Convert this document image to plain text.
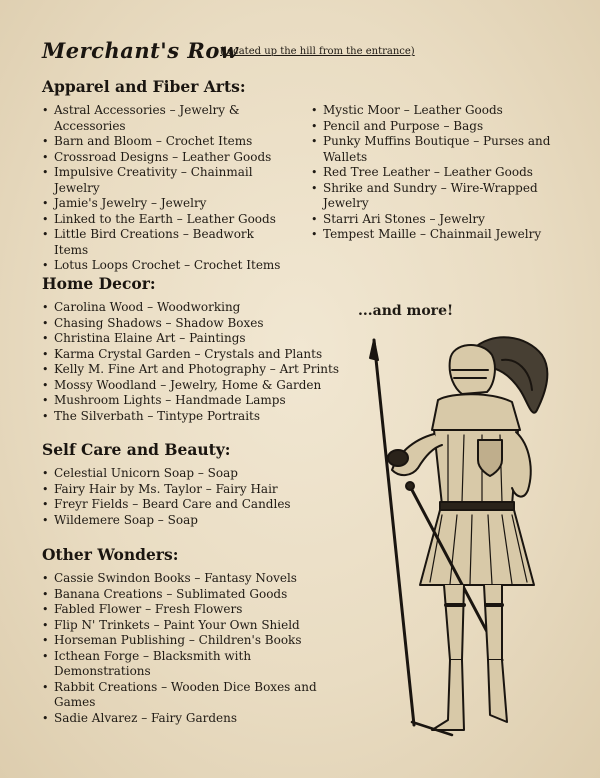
Merchant's Row
(located up the hill from the entrance)
Apparel and Fiber Arts:
• Astral Accessories – Jewelry & Accessories
• Barn and Bloom – Crochet Items
• Crossroad Designs – Leather Goods
• Impulsive Creativity – Chainmail Jewelry
• Jamie's Jewelry – Jewelry
• Linked to the Earth – Leather Goods
• Little Bird Creations – Beadwork Items
• Lotus Loops Crochet – Crochet Items
• Mystic Moor – Leather Goods
• Pencil and Purpose – Bags
• Punky Muffins Boutique – Purses and Wallets
• Red Tree Leather – Leather Goods
• Shrike and Sundry – Wire-Wrapped Jewelry
• Starri Ari Stones – Jewelry
• Tempest Maille – Chainmail Jewelry
Home Decor:
• Carolina Wood – Woodworking
• Chasing Shadows – Shadow Boxes
• Christina Elaine Art – Paintings
• Karma Crystal Garden – Crystals and Plants
• Kelly M. Fine Art and Photography – Art Prints
• Mossy Woodland – Jewelry, Home & Garden
• Mushroom Lights – Handmade Lamps
• The Silverbath – Tintype Portraits
Self Care and Beauty:
• Celestial Unicorn Soap – Soap
• Fairy Hair by Ms. Taylor – Fairy Hair
• Freyr Fields – Beard Care and Candles
• Wildemere Soap – Soap
Other Wonders:
• Cassie Swindon Books – Fantasy Novels
• Banana Creations – Sublimated Goods
• Fabled Flower – Fresh Flowers
• Flip N' Trinkets – Paint Your Own Shield
• Horseman Publishing – Children's Books
• Icthean Forge – Blacksmith with Demonstrations
• Rabbit Creations – Wooden Dice Boxes and Games
• Sadie Alvarez – Fairy Gardens
...and more!
